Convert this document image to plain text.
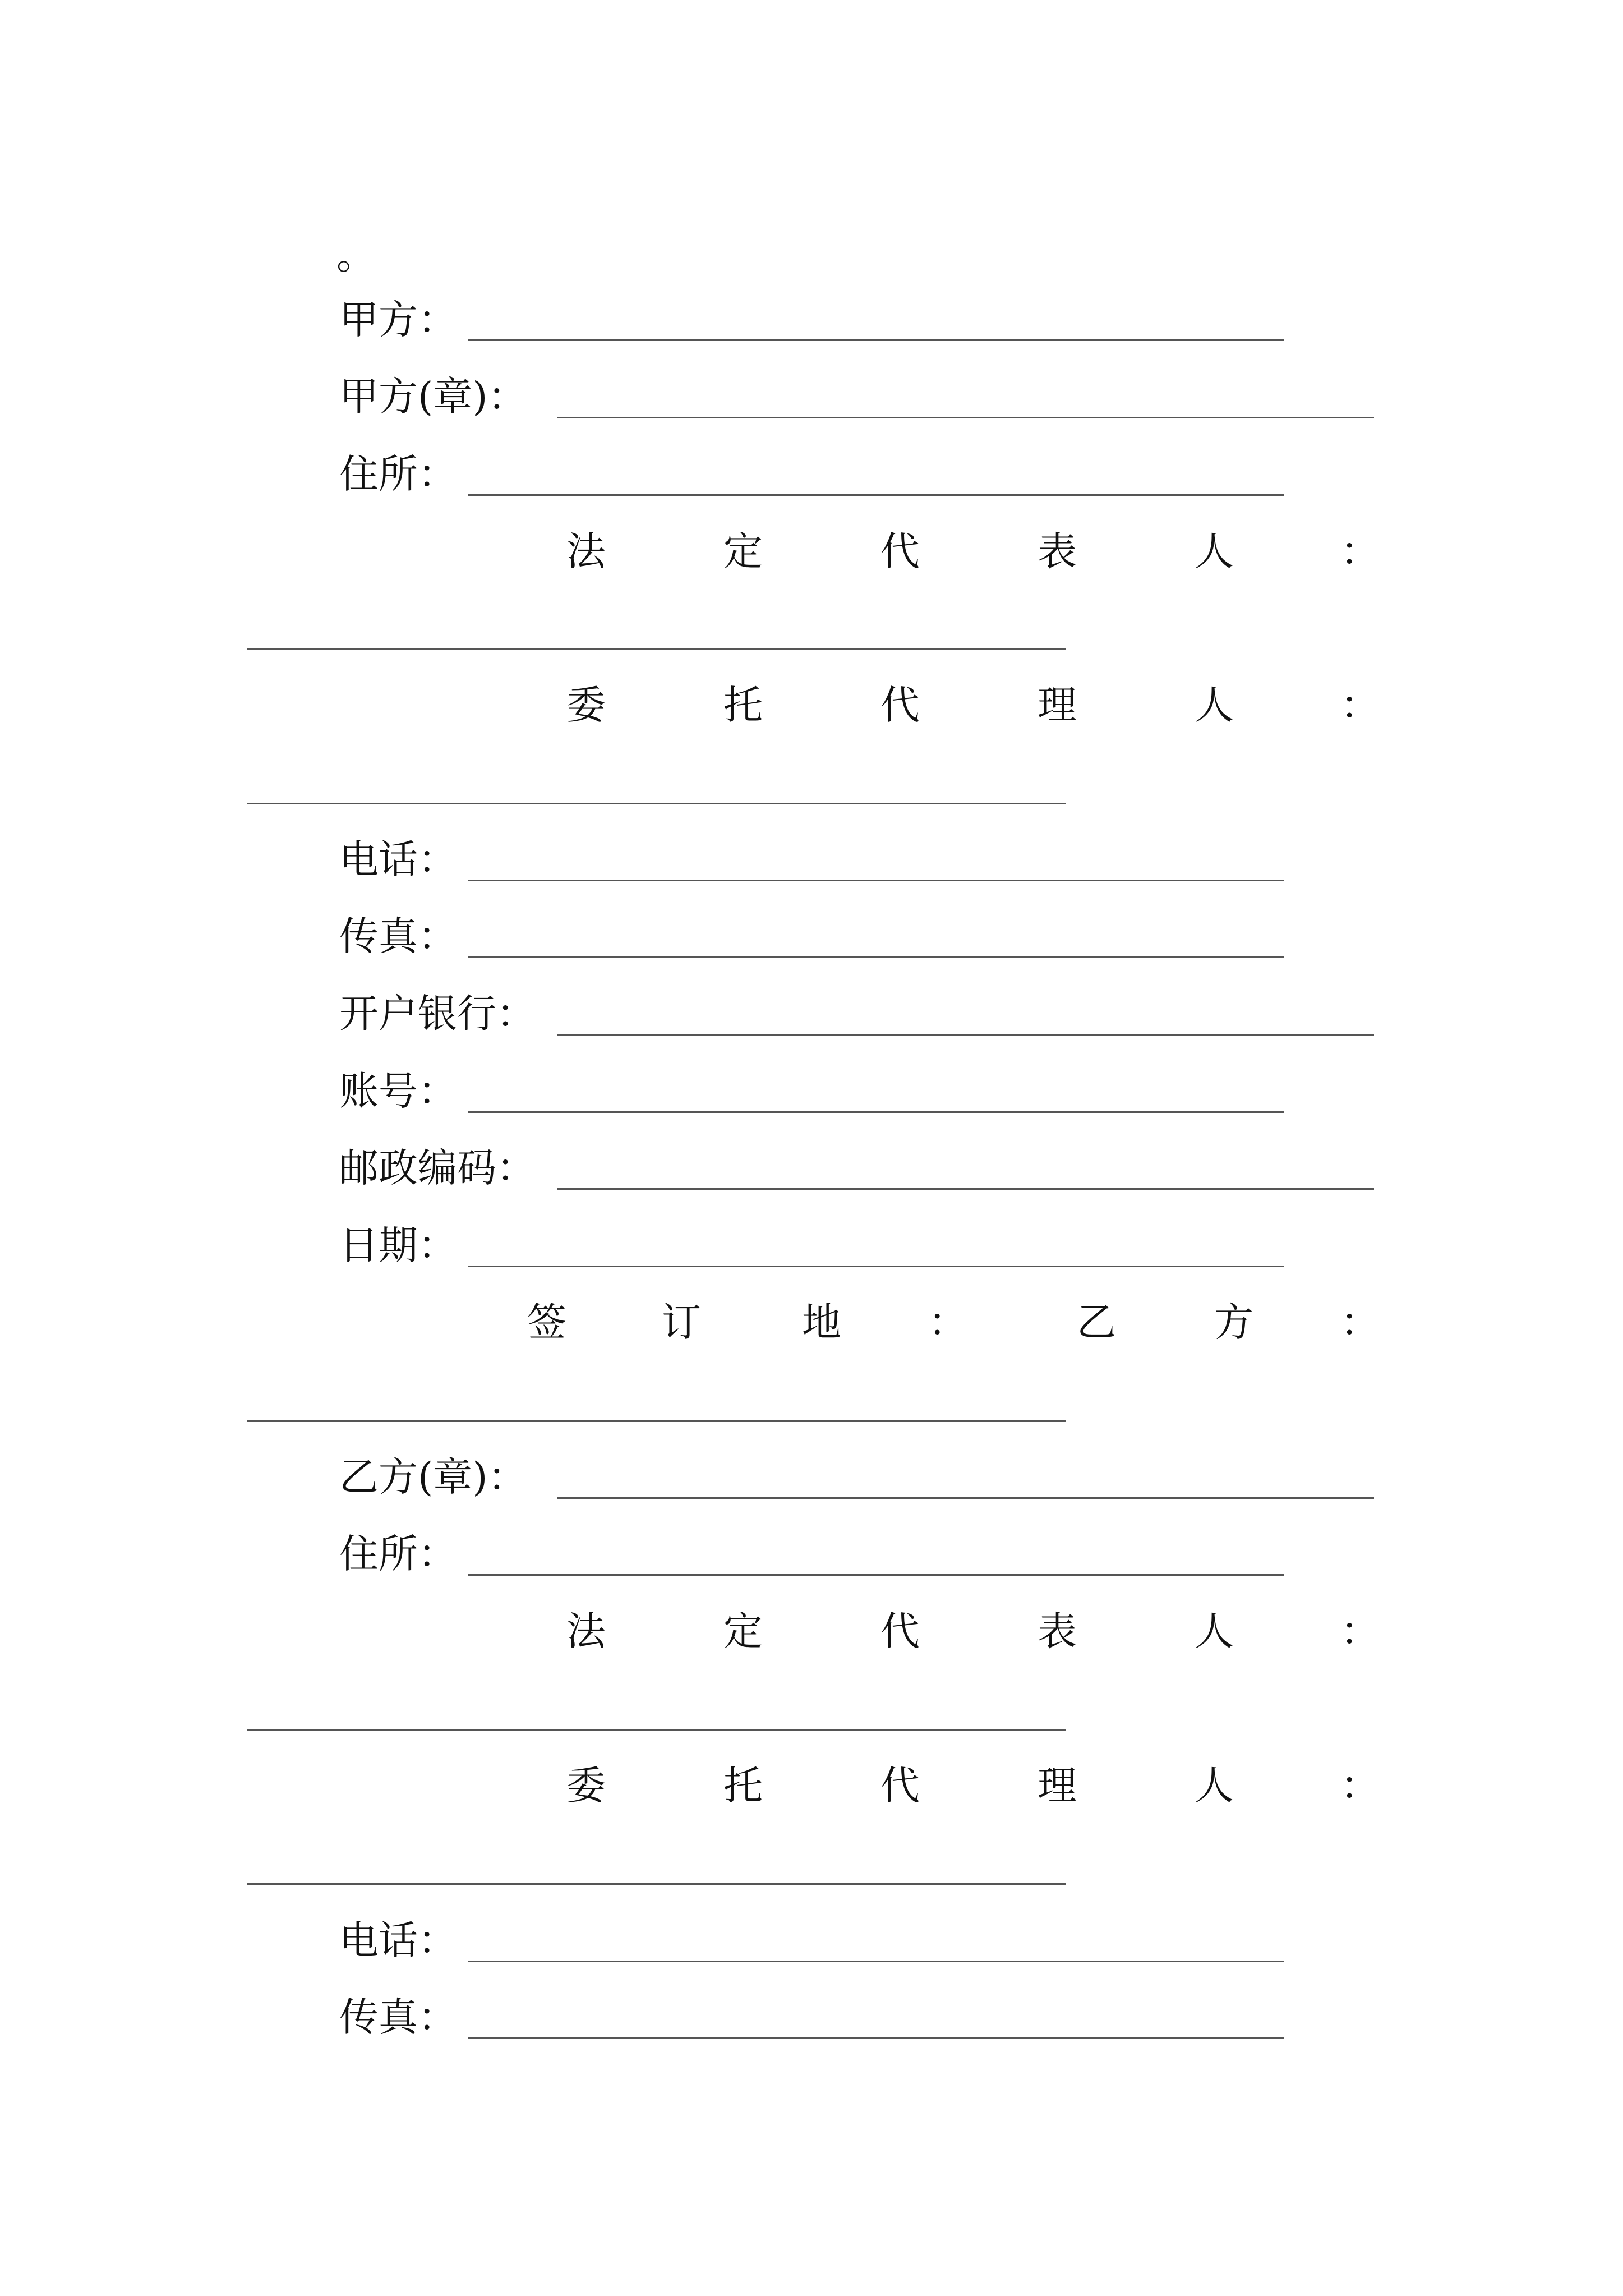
。
甲方：
甲方(章)：
住所：
法	定	代	表	人	：
委	托	代	理	人	：
电话：
传真：
开户银行：
账号：
邮政编码：
日期：
签 订	地 ：	乙	方 ：
乙方(章)：
住所：
法	定	代	表	人	：
委	托	代	理	人	：
电话：
传真：
